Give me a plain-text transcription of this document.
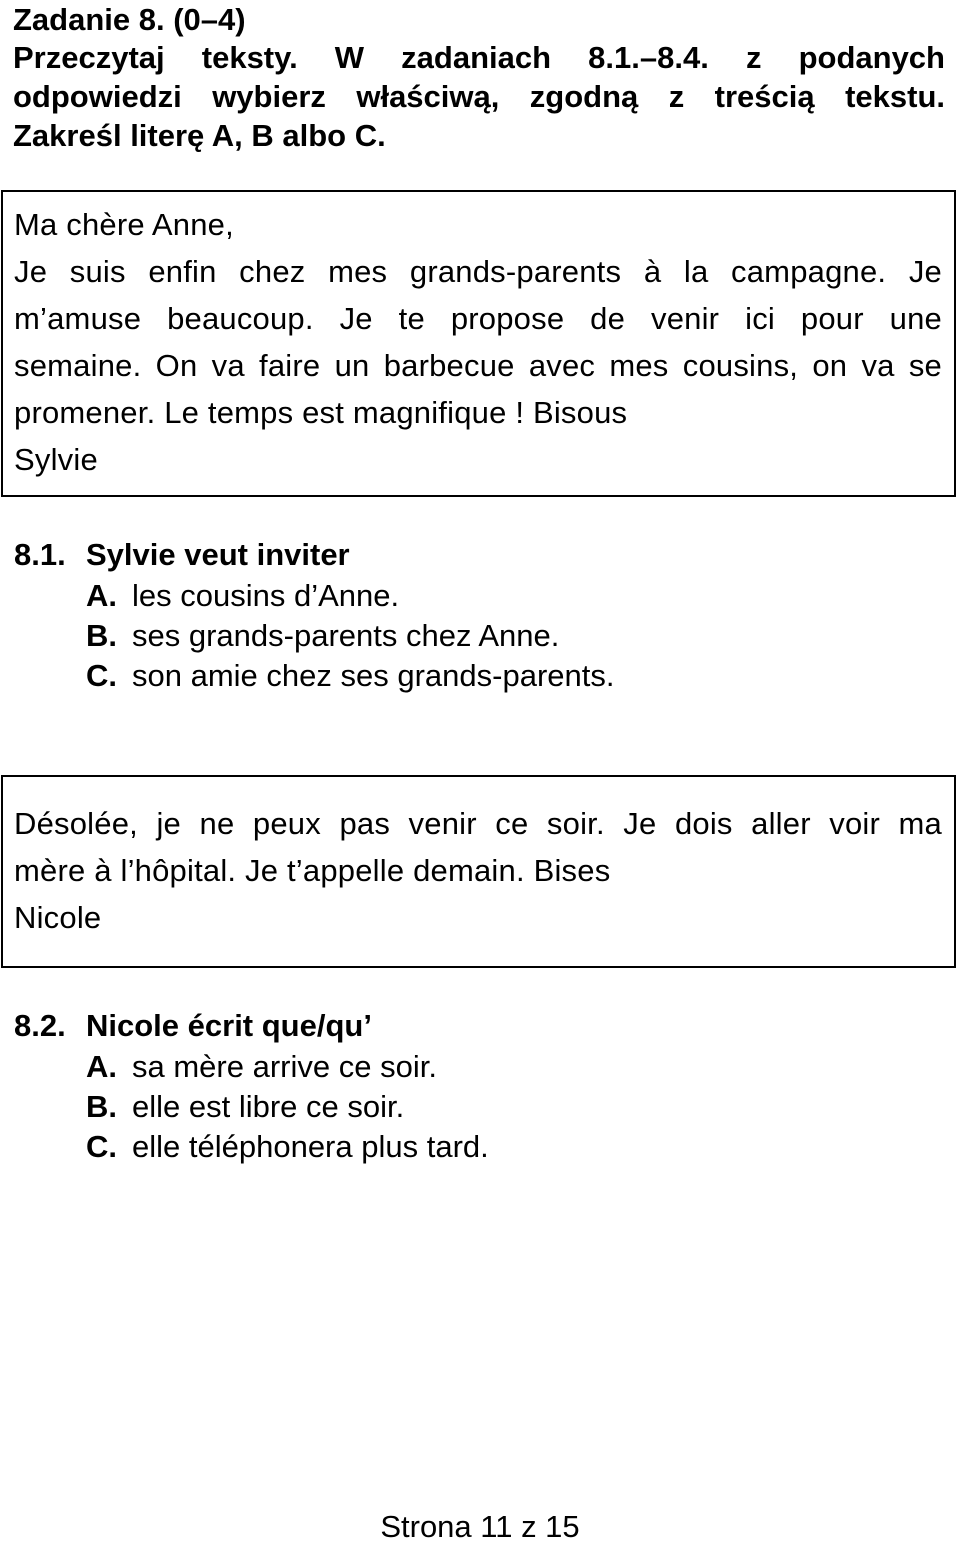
Zadanie 8. (0–4)
Przeczytaj teksty. W zadaniach 8.1.–8.4. z podanych
odpowiedzi wybierz właściwą, zgodną z treścią tekstu.
Zakreśl literę A, B albo C.
Ma chère Anne,
Je suis enfin chez mes grands-parents à la campagne. Je
m’amuse beaucoup. Je te propose de venir ici pour une
semaine. On va faire un barbecue avec mes cousins, on va se
promener. Le temps est magnifique ! Bisous
Sylvie
8.1. Sylvie veut inviter
A. les cousins d’Anne.
B. ses grands-parents chez Anne.
C. son amie chez ses grands-parents.
Désolée, je ne peux pas venir ce soir. Je dois aller voir ma
mère à l’hôpital. Je t’appelle demain. Bises
Nicole
8.2. Nicole écrit que/qu’
A. sa mère arrive ce soir.
B. elle est libre ce soir.
C. elle téléphonera plus tard.
Strona 11 z 15
